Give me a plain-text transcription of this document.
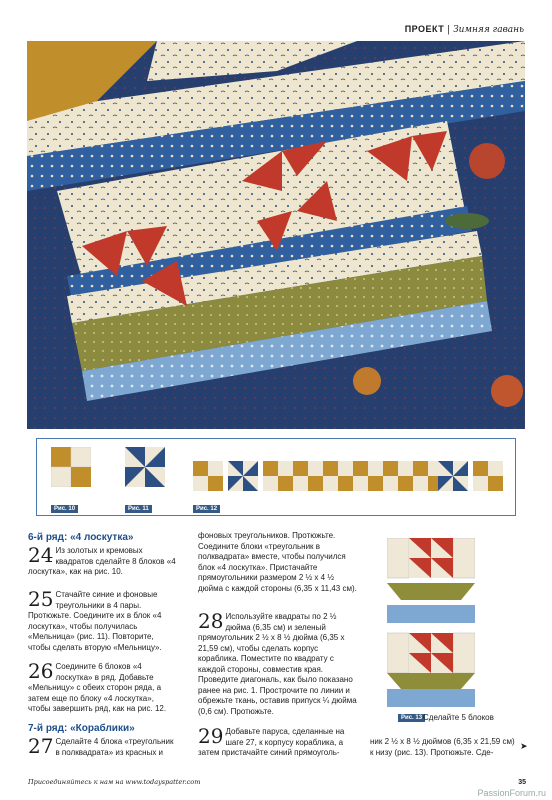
ПРОЕКТ | Зимняя гавань
Рис. 10	Рис. 11	Рис. 12
6-й ряд: «4 лоскутка»
24 Из золотых и кремовых квадратов сделайте 8 блоков «4 лоскутка», как на рис. 10.

25 Стачайте синие и фоновые треугольники в 4 пары. Протюжьте. Соедините их в блок «4 лоскутка», чтобы получилась «Мельница» (рис. 11). Повторите, чтобы сделать вторую «Мельницу».

26 Соедините 6 блоков «4 лоскутка» в ряд. Добавьте «Мельницу» с обеих сторон ряда, а затем еще по блоку «4 лоскутка», чтобы завершить ряд, как на рис. 12.

7-й ряд: «Кораблики»
27 Сделайте 4 блока «треугольник в полквадрата» из красных и

фоновых треугольников. Протюжьте. Соедините блоки «треугольник в полквадрата» вместе, чтобы получился блок «4 лоскутка». Пристачайте прямоугольники размером 2 ½ х 4 ½ дюйма с каждой стороны (6,35 х 11,43 см).

28 Используйте квадраты по 2 ½ дюйма (6,35 см) и зеленый прямоугольник 2 ½ х 8 ½ дюйма (6,35 х 21,59 см), чтобы сделать корпус кораблика. Поместите по квадрату с каждой стороны, совместив края. Проведите диагональ, как было показано ранее на рис. 1. Прострочите по линии и обрежьте ткань, оставив припуск ¼ дюйма (0,6 см). Протюжьте.

29 Добавьте паруса, сделанные на шаге 27, к корпусу кораблика, а затем пристачайте синий прямоуголь-

Рис. 13 Сделайте 5 блоков

ник 2 ½ х 8 ½ дюймов (6,35 х 21,59 см) к низу (рис. 13). Протюжьте. Сде-	➤
Присоединяйтесь к нам на www.todayspatter.com	35
PassionForum.ru
